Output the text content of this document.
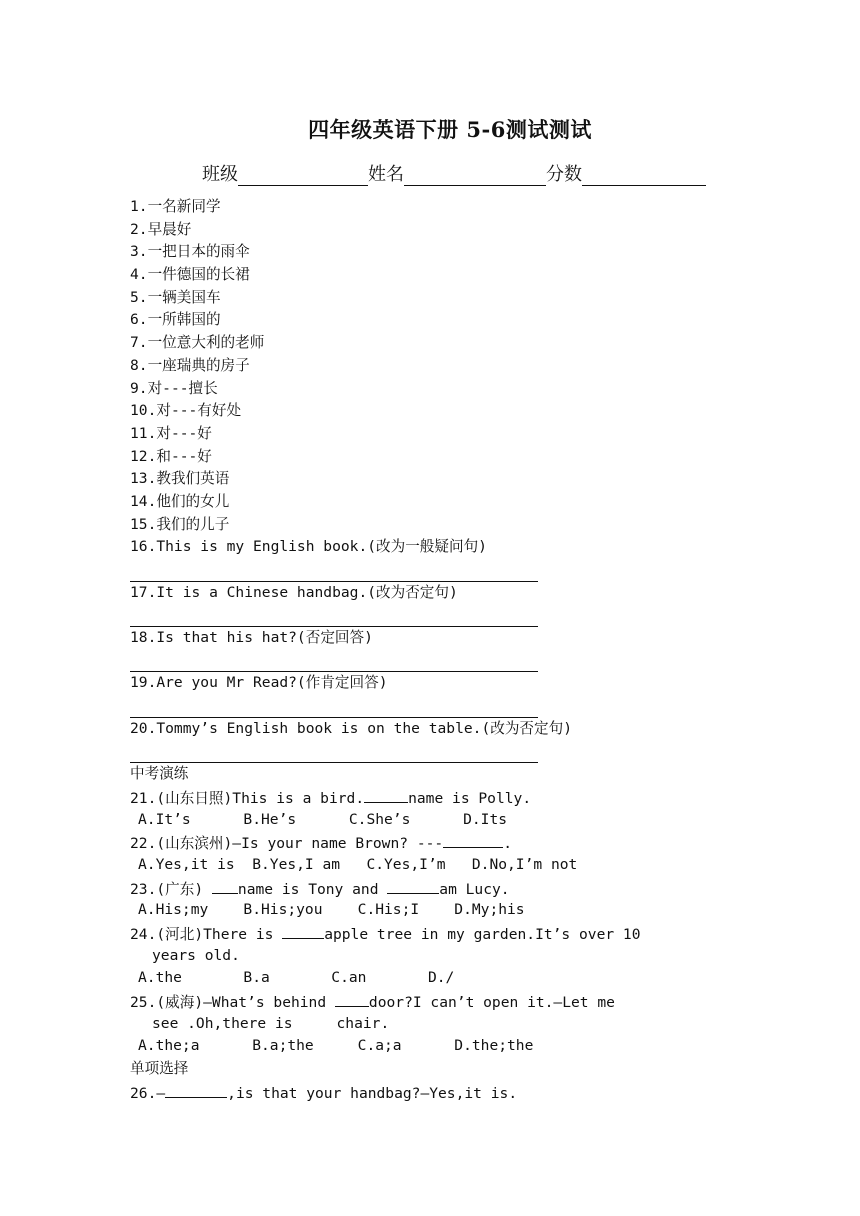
四年级英语下册 5-6测试测试
班级	姓名	分数
1.一名新同学
2.早晨好
3.一把日本的雨伞
4.一件德国的长裙
5.一辆美国车
6.一所韩国的
7.一位意大利的老师
8.一座瑞典的房子
9.对---擅长
10.对---有好处
11.对---好
12.和---好
13.教我们英语
14.他们的女儿
15.我们的儿子
16.This is my English book.(改为一般疑问句)
17.It is a Chinese handbag.(改为否定句)
18.Is that his hat?(否定回答)
19.Are you Mr Read?(作肯定回答)
20.Tommy’s English book is on the table.(改为否定句)
中考演练
21.(山东日照)This is a bird.	name is Polly.
A.It’s      B.He’s      C.She’s      D.Its
22.(山东滨州)—Is your name Brown? ---	.
A.Yes,it is  B.Yes,I am   C.Yes,I’m   D.No,I’m not
23.(广东) name is Tony and	am Lucy.
A.His;my    B.His;you    C.His;I    D.My;his
24.(河北)There is	apple tree in my garden.It’s over 10
years old.
A.the       B.a       C.an       D./
25.(威海)—What’s behind door?I can’t open it.—Let me
see .Oh,there is     chair.
A.the;a      B.a;the     C.a;a      D.the;the
单项选择
26.—	,is that your handbag?—Yes,it is.
